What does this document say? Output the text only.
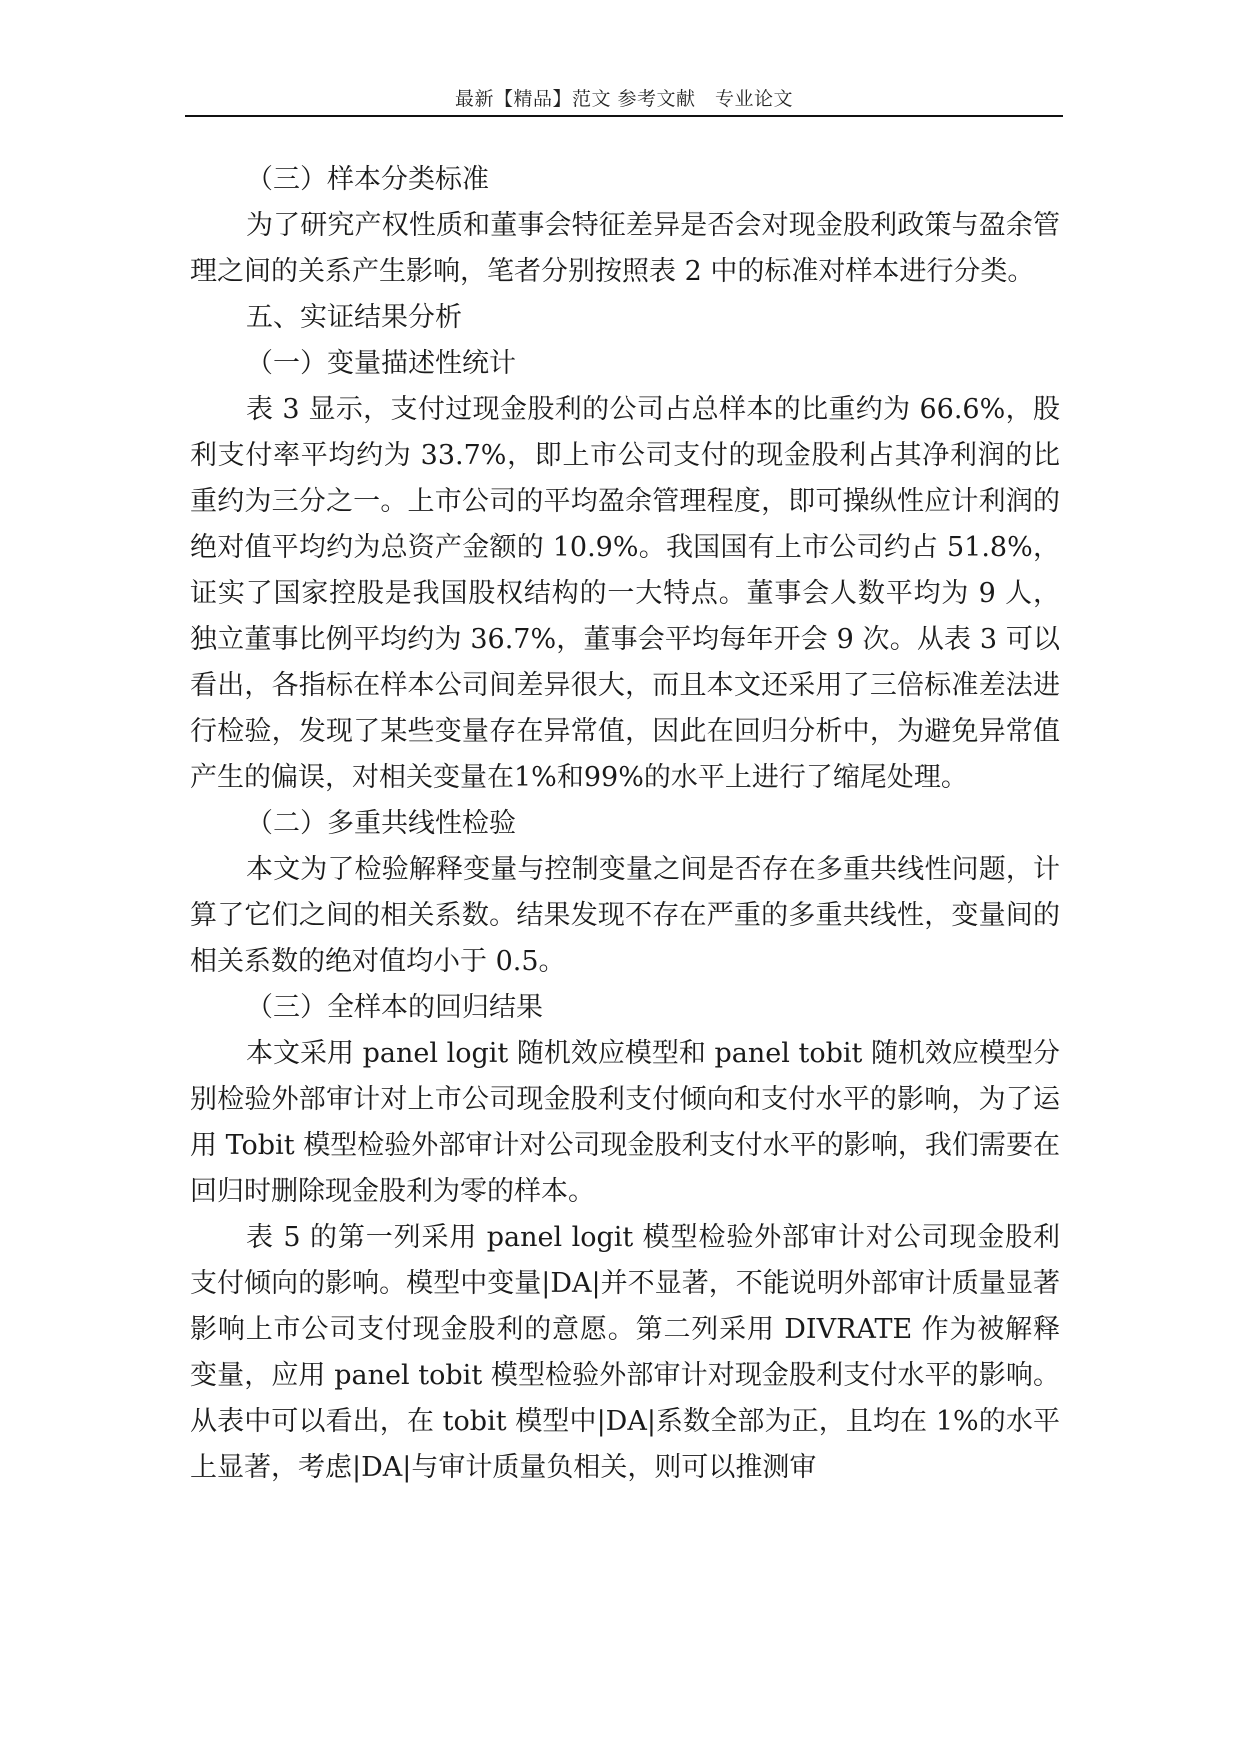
最新【精品】范文 参考文献　专业论文

（三）样本分类标准

为了研究产权性质和董事会特征差异是否会对现金股利政策与盈余管理之间的关系产生影响，笔者分别按照表 2 中的标准对样本进行分类。

五、实证结果分析

（一）变量描述性统计

表 3 显示，支付过现金股利的公司占总样本的比重约为 66.6%，股利支付率平均约为 33.7%，即上市公司支付的现金股利占其净利润的比重约为三分之一。上市公司的平均盈余管理程度，即可操纵性应计利润的绝对值平均约为总资产金额的 10.9%。我国国有上市公司约占 51.8%，证实了国家控股是我国股权结构的一大特点。董事会人数平均为 9 人，独立董事比例平均约为 36.7%，董事会平均每年开会 9 次。从表 3 可以看出，各指标在样本公司间差异很大，而且本文还采用了三倍标准差法进行检验，发现了某些变量存在异常值，因此在回归分析中，为避免异常值产生的偏误，对相关变量在1%和99%的水平上进行了缩尾处理。

（二）多重共线性检验

本文为了检验解释变量与控制变量之间是否存在多重共线性问题，计算了它们之间的相关系数。结果发现不存在严重的多重共线性，变量间的相关系数的绝对值均小于 0.5。

（三）全样本的回归结果

本文采用 panel logit 随机效应模型和 panel tobit 随机效应模型分别检验外部审计对上市公司现金股利支付倾向和支付水平的影响，为了运用 Tobit 模型检验外部审计对公司现金股利支付水平的影响，我们需要在回归时删除现金股利为零的样本。

表 5 的第一列采用 panel logit 模型检验外部审计对公司现金股利支付倾向的影响。模型中变量|DA|并不显著，不能说明外部审计质量显著影响上市公司支付现金股利的意愿。第二列采用 DIVRATE 作为被解释变量，应用 panel tobit 模型检验外部审计对现金股利支付水平的影响。从表中可以看出，在 tobit 模型中|DA|系数全部为正，且均在 1%的水平上显著，考虑|DA|与审计质量负相关，则可以推测审
